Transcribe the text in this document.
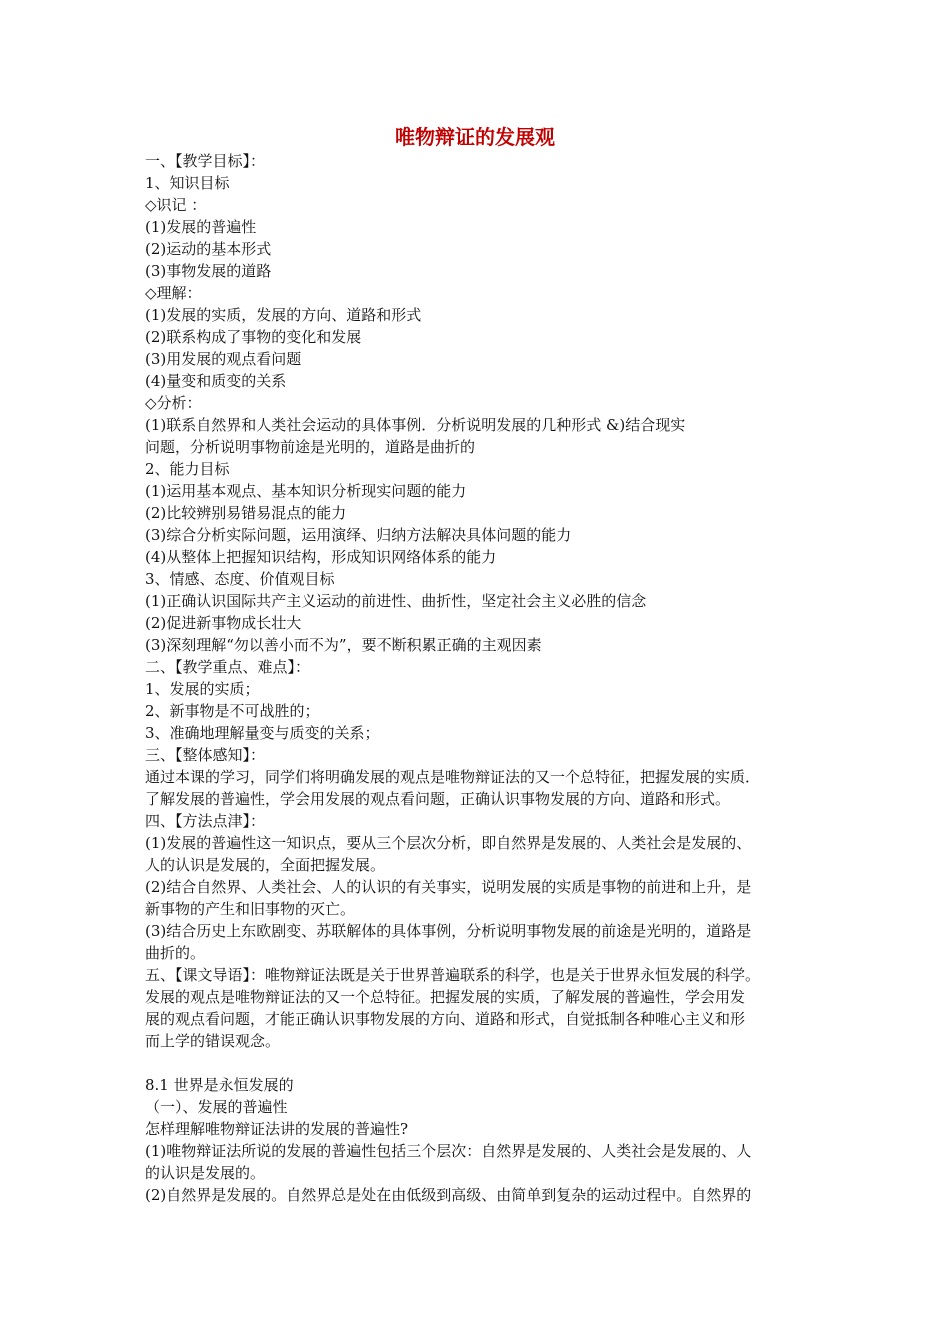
唯物辩证的发展观
一、【教学目标】：
1、知识目标
◇识记 ：
(1)发展的普遍性
(2)运动的基本形式
(3)事物发展的道路
◇理解：
(1)发展的实质，发展的方向、道路和形式
(2)联系构成了事物的变化和发展
(3)用发展的观点看问题
(4)量变和质变的关系
◇分析：
(1)联系自然界和人类社会运动的具体事例．分析说明发展的几种形式 &)结合现实
问题，分析说明事物前途是光明的，道路是曲折的
2、能力目标
(1)运用基本观点、基本知识分析现实问题的能力
(2)比较辨别易错易混点的能力
(3)综合分析实际问题，运用演绎、归纳方法解决具体问题的能力
(4)从整体上把握知识结构，形成知识网络体系的能力
3、情感、态度、价值观目标
(1)正确认识国际共产主义运动的前进性、曲折性，坚定社会主义必胜的信念
(2)促进新事物成长壮大
(3)深刻理解“勿以善小而不为”，要不断积累正确的主观因素
二、【教学重点、难点】：
1、发展的实质；
2、新事物是不可战胜的；
3、准确地理解量变与质变的关系；
三、【整体感知】：
通过本课的学习，同学们将明确发展的观点是唯物辩证法的又一个总特征，把握发展的实质．
了解发展的普遍性，学会用发展的观点看问题，正确认识事物发展的方向、道路和形式。
四、【方法点津】：
(1)发展的普遍性这一知识点，要从三个层次分析，即自然界是发展的、人类社会是发展的、
人的认识是发展的，全面把握发展。
(2)结合自然界、人类社会、人的认识的有关事实，说明发展的实质是事物的前进和上升，是
新事物的产生和旧事物的灭亡。
(3)结合历史上东欧剧变、苏联解体的具体事例，分析说明事物发展的前途是光明的，道路是
曲折的。
五、【课文导语】：唯物辩证法既是关于世界普遍联系的科学，也是关于世界永恒发展的科学。
发展的观点是唯物辩证法的又一个总特征。把握发展的实质，了解发展的普遍性，学会用发
展的观点看问题，才能正确认识事物发展的方向、道路和形式，自觉抵制各种唯心主义和形
而上学的错误观念。
8.1 世界是永恒发展的
（一）、发展的普遍性
怎样理解唯物辩证法讲的发展的普遍性?
(1)唯物辩证法所说的发展的普遍性包括三个层次：自然界是发展的、人类社会是发展的、人
的认识是发展的。
(2)自然界是发展的。自然界总是处在由低级到高级、由简单到复杂的运动过程中。自然界的
